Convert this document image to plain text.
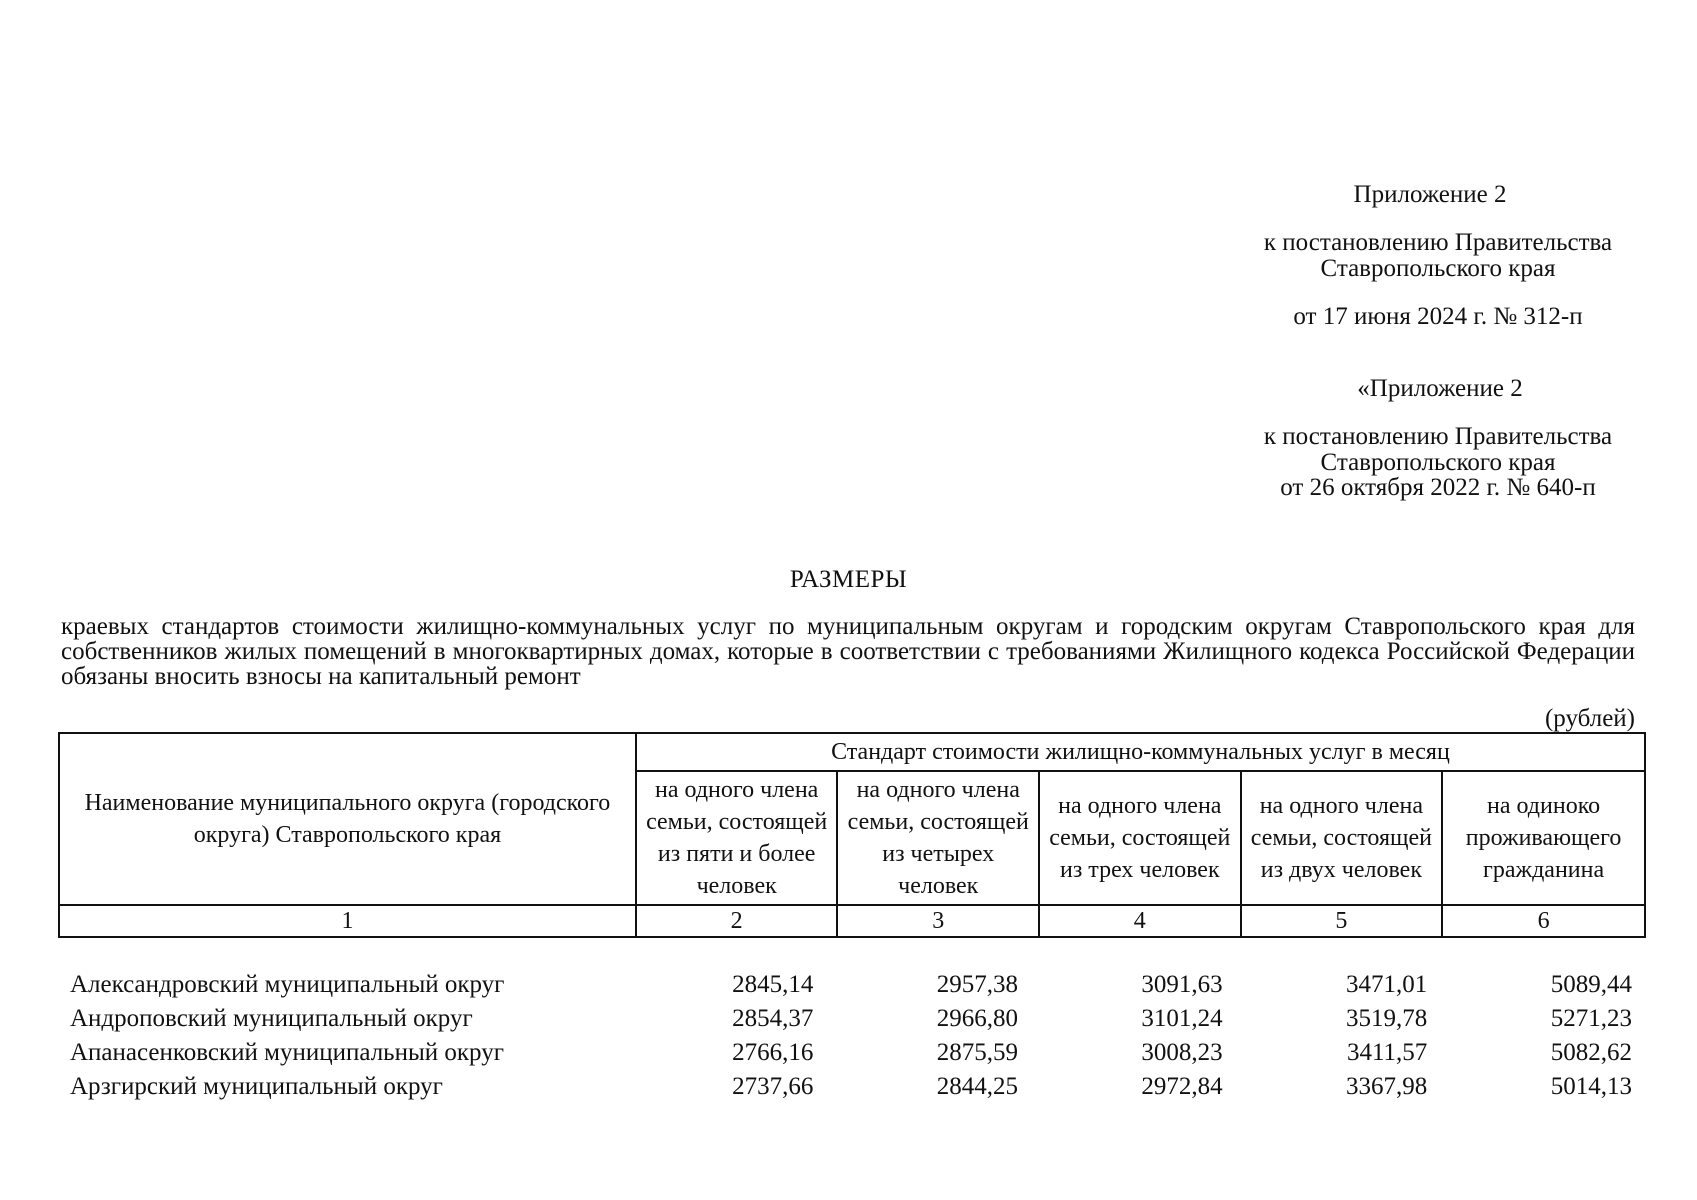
Приложение 2
к постановлению Правительства
Ставропольского края
от 17 июня 2024 г. № 312-п
«Приложение 2
к постановлению Правительства
Ставропольского края
от 26 октября 2022 г. № 640-п
РАЗМЕРЫ
краевых стандартов стоимости жилищно-коммунальных услуг по муниципальным округам и городским округам Ставропольского края для собственников жилых помещений в многоквартирных домах, которые в соответствии с требованиями Жилищного кодекса Российской Федерации обязаны вносить взносы на капитальный ремонт
(рублей)
Наименование муниципального округа (городского округа) Ставропольского края	Стандарт стоимости жилищно-коммунальных услуг в месяц				
	на одного члена семьи, состоящей из пяти и более человек	на одного члена семьи, состоящей из четырех человек	на одного члена семьи, состоящей из трех человек	на одного члена семьи, состоящей из двух человек	на одиноко проживающего гражданина
1	2	3	4	5	6
Александровский муниципальный округ	2845,14	2957,38	3091,63	3471,01	5089,44
Андроповский муниципальный округ	2854,37	2966,80	3101,24	3519,78	5271,23
Апанасенковский муниципальный округ	2766,16	2875,59	3008,23	3411,57	5082,62
Арзгирский муниципальный округ	2737,66	2844,25	2972,84	3367,98	5014,13
